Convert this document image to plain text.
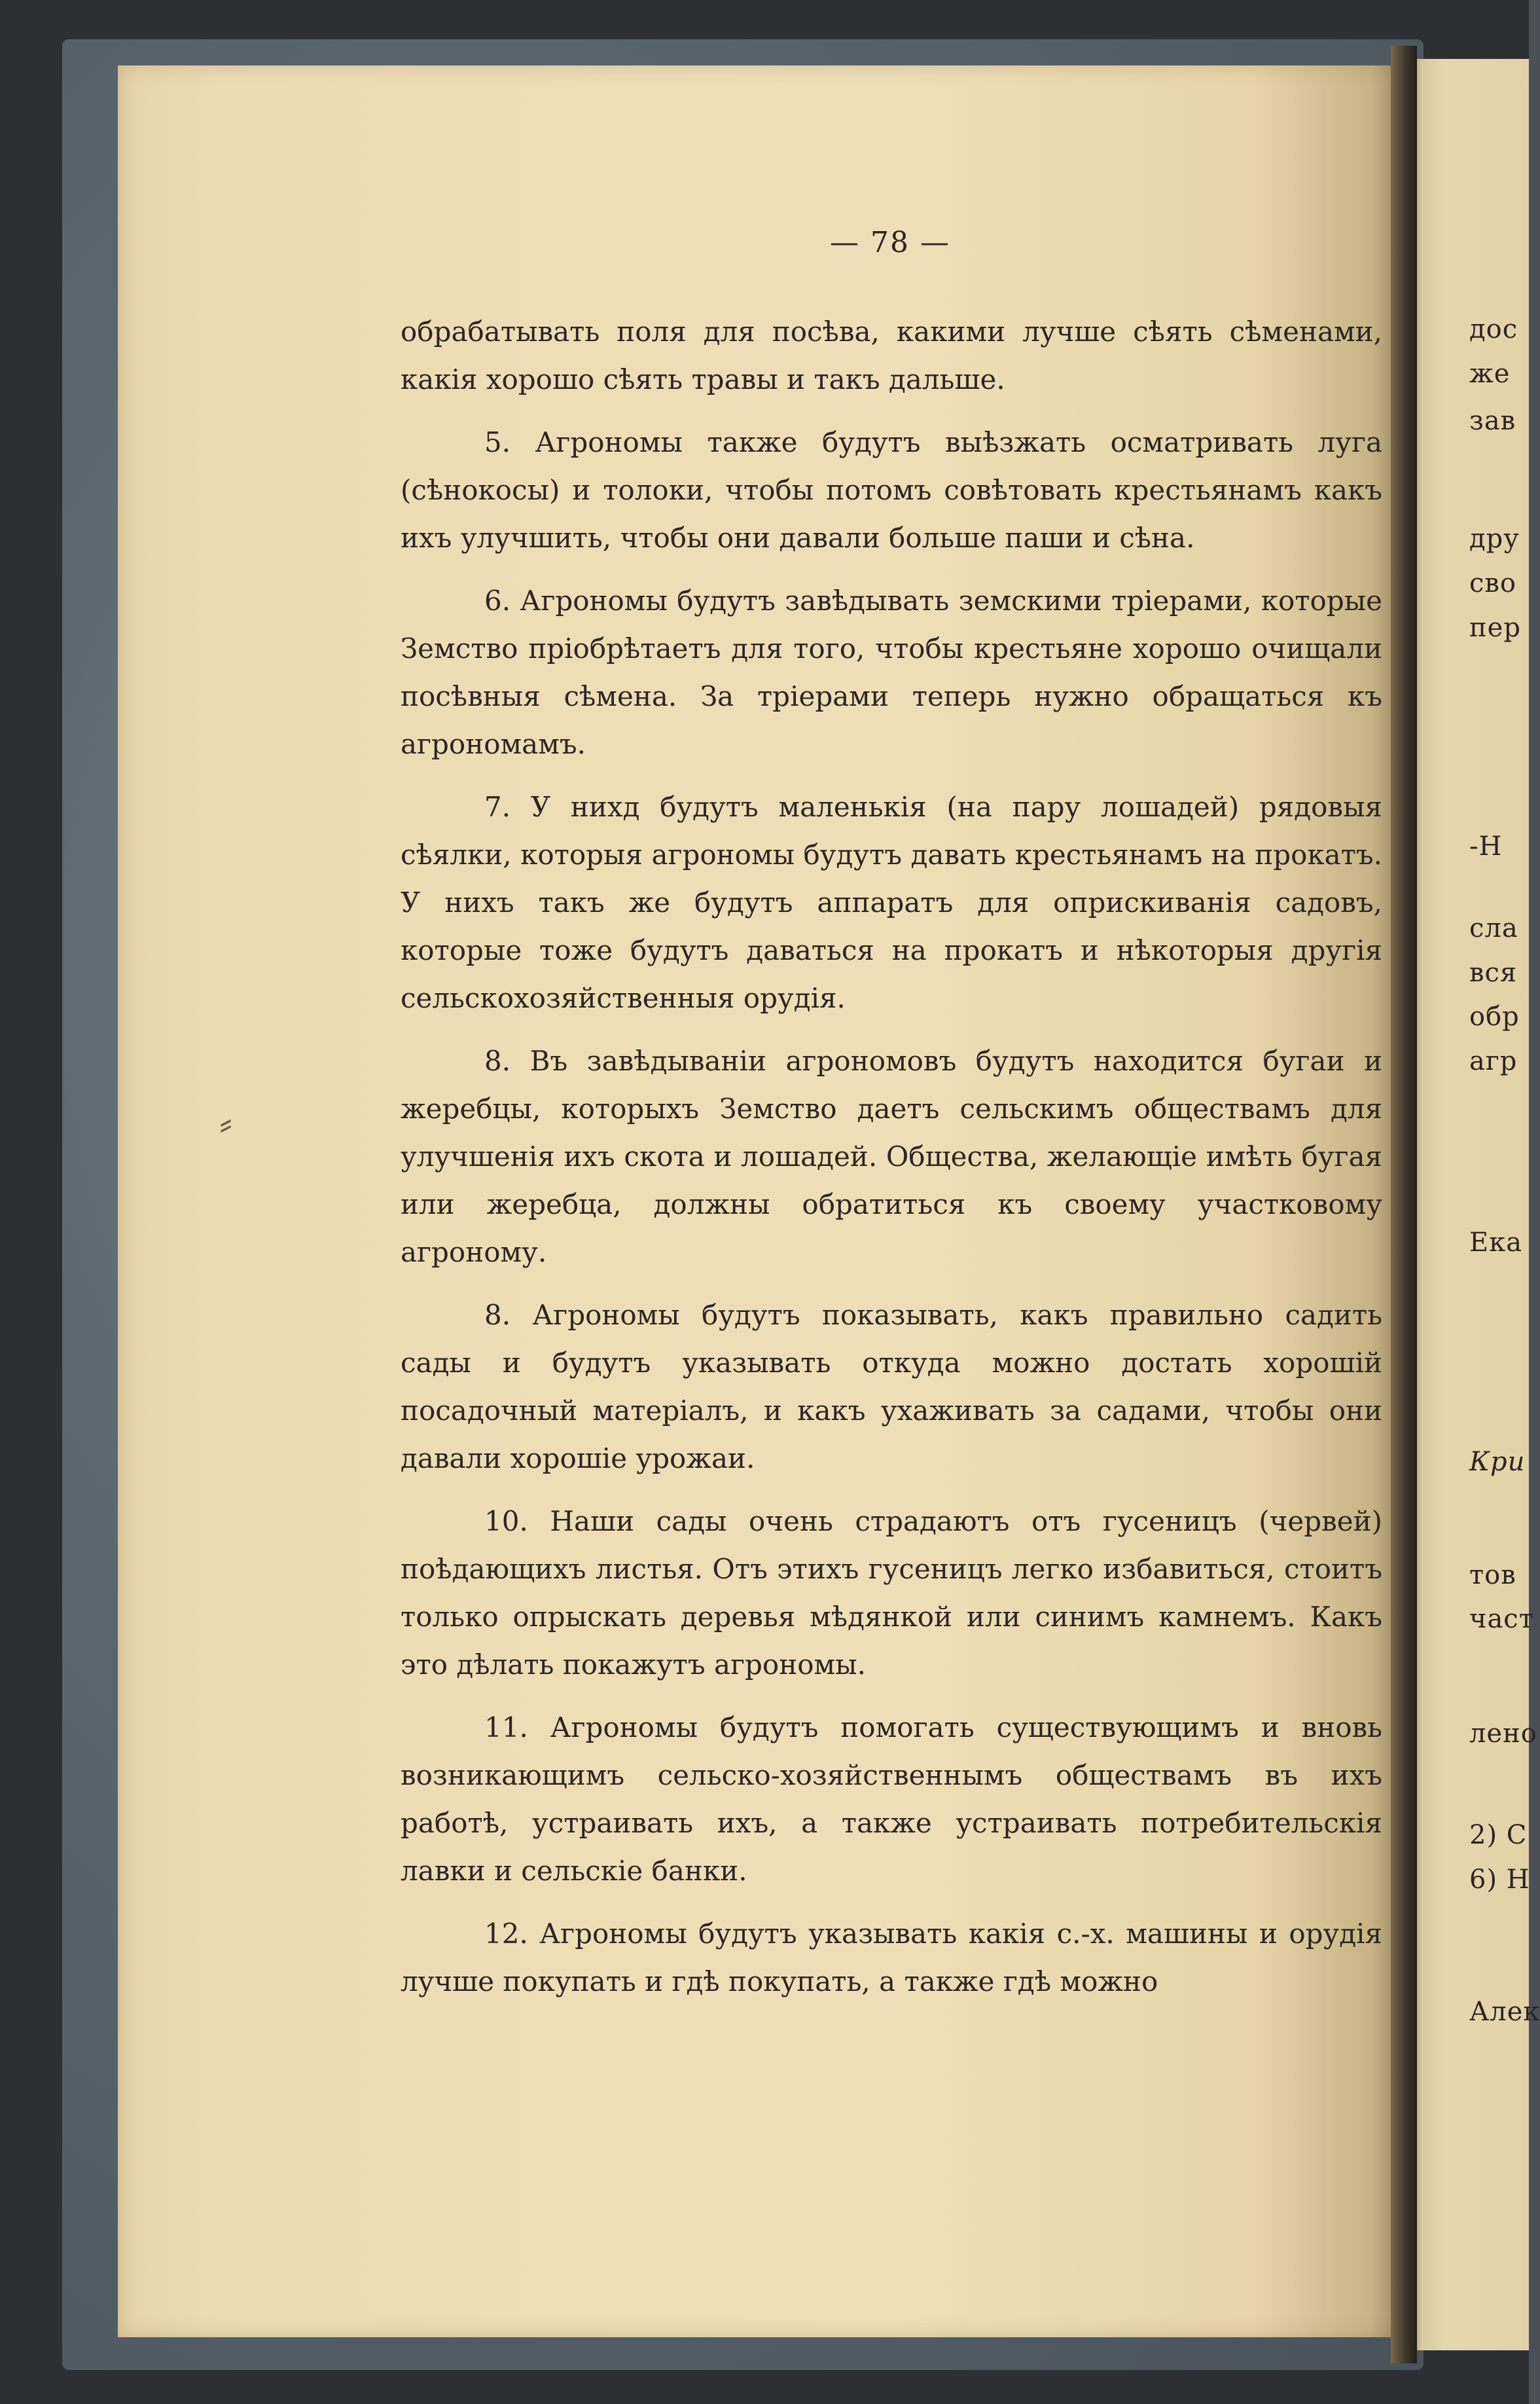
— 78 —

обрабатывать поля для посѣва, какими лучше сѣять сѣменами, какія хорошо сѣять травы и такъ дальше.

5. Агрономы также будутъ выѣзжать осматривать луга (сѣнокосы) и толоки, чтобы потомъ совѣтовать крестьянамъ какъ ихъ улучшить, чтобы они давали больше паши и сѣна.

6. Агрономы будутъ завѣдывать земскими тріерами, которые Земство пріобрѣтаетъ для того, чтобы крестьяне хорошо очищали посѣвныя сѣмена. За тріерами теперь нужно обращаться къ агрономамъ.

7. У нихд будутъ маленькія (на пару лошадей) рядовыя сѣялки, которыя агрономы будутъ давать крестьянамъ на прокатъ. У нихъ такъ же будутъ аппаратъ для оприскиванія садовъ, которые тоже будутъ даваться на прокатъ и нѣкоторыя другія сельскохозяйственныя орудія.

8. Въ завѣдываніи агрономовъ будутъ находится бугаи и жеребцы, которыхъ Земство даетъ сельскимъ обществамъ для улучшенія ихъ скота и лошадей. Общества, желающіе имѣть бугая или жеребца, должны обратиться къ своему участковому агроному.

8. Агрономы будутъ показывать, какъ правильно садить сады и будутъ указывать откуда можно достать хорошій посадочный матеріалъ, и какъ ухаживать за садами, чтобы они давали хорошіе урожаи.

10. Наши сады очень страдаютъ отъ гусеницъ (червей) поѣдающихъ листья. Отъ этихъ гусеницъ легко избавиться, стоитъ только опрыскать деревья мѣдянкой или синимъ камнемъ. Какъ это дѣлать покажутъ агрономы.

11. Агрономы будутъ помогать существующимъ и вновь возникающимъ сельско-хозяйственнымъ обществамъ въ ихъ работѣ, устраивать ихъ, а также устраивать потребительскія лавки и сельскіе банки.

12. Агрономы будутъ указывать какія с.-х. машины и орудія лучше покупать и гдѣ покупать, а также гдѣ можно

⸗
дос
же
зав
дру
сво
пер
-Н
сла
вся
обр
агр
Ека
Кри
тов
част
лено
2) С
6) Н
Алек
